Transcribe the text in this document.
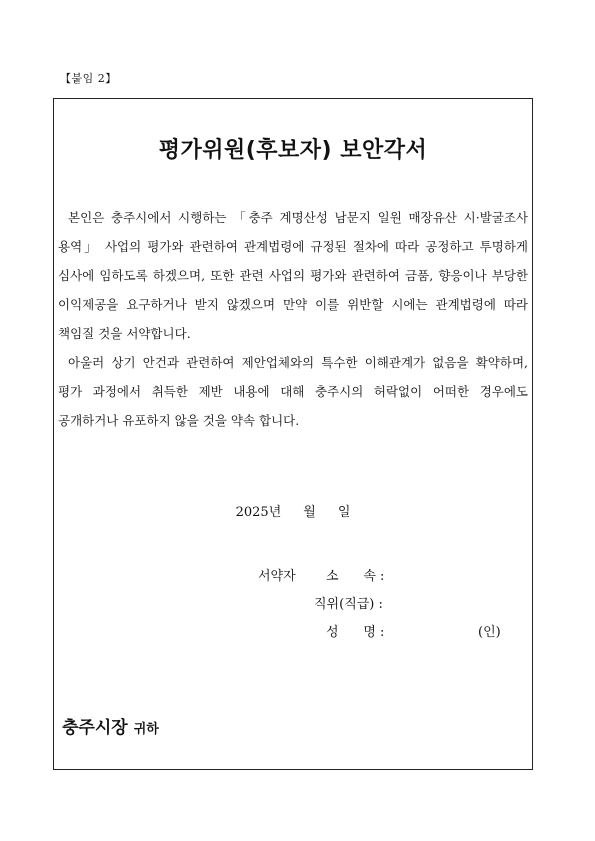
【붙임 2】
평가위원(후보자) 보안각서

본인은 충주시에서 시행하는 「충주 계명산성 남문지 일원 매장유산 시·발굴조사 용역」 사업의 평가와 관련하여 관계법령에 규정된 절차에 따라 공정하고 투명하게 심사에 임하도록 하겠으며, 또한 관련 사업의 평가와 관련하여 금품, 향응이나 부당한 이익제공을 요구하거나 받지 않겠으며 만약 이를 위반할 시에는 관계법령에 따라 책임질 것을 서약합니다.

아울러 상기 안건과 관련하여 제안업체와의 특수한 이해관계가 없음을 확약하며, 평가 과정에서 취득한 제반 내용에 대해 충주시의 허락없이 어떠한 경우에도 공개하거나 유포하지 않을 것을 약속 합니다.

2025년 월 일
서약자 소      속 :
직위(직급) :
성      명 :	(인)
충주시장 귀하
